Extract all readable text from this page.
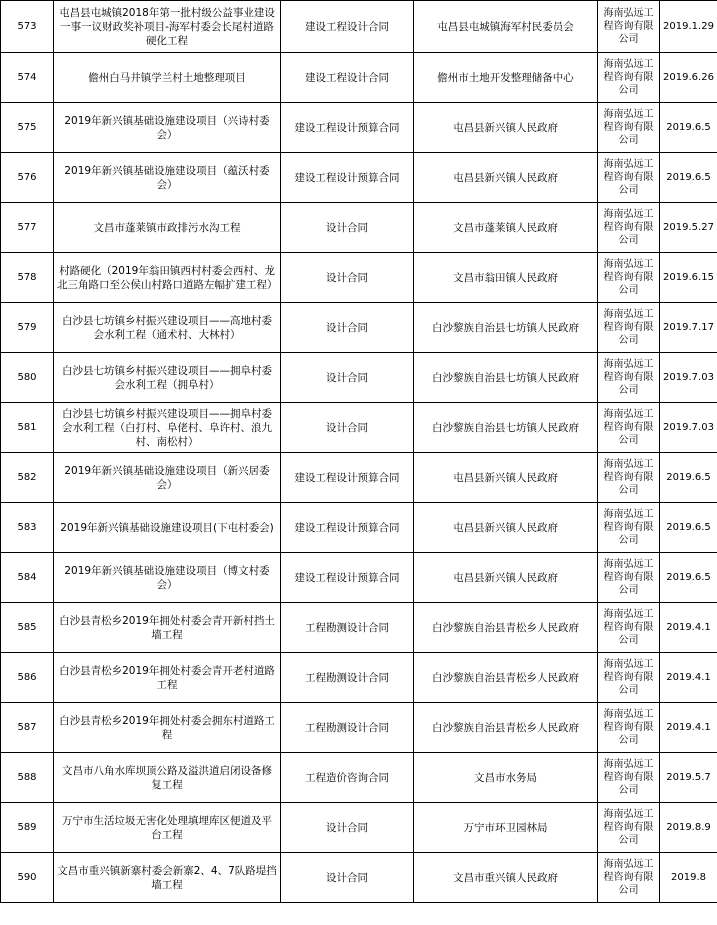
573	屯昌县屯城镇2018年第一批村级公益事业建设一事一议财政奖补项目-海军村委会长尾村道路硬化工程	建设工程设计合同	屯昌县屯城镇海军村民委员会	海南弘远工程咨询有限公司	2019.1.29
574	儋州白马井镇学兰村土地整理项目	建设工程设计合同	儋州市土地开发整理储备中心	海南弘远工程咨询有限公司	2019.6.26
575	2019年新兴镇基础设施建设项目（兴诗村委会）	建设工程设计预算合同	屯昌县新兴镇人民政府	海南弘远工程咨询有限公司	2019.6.5
576	2019年新兴镇基础设施建设项目（蕴沃村委会）	建设工程设计预算合同	屯昌县新兴镇人民政府	海南弘远工程咨询有限公司	2019.6.5
577	文昌市蓬莱镇市政排污水沟工程	设计合同	文昌市蓬莱镇人民政府	海南弘远工程咨询有限公司	2019.5.27
578	村路硬化（2019年翁田镇西村村委会西村、龙北三角路口至公侯山村路口道路左幅扩建工程）	设计合同	文昌市翁田镇人民政府	海南弘远工程咨询有限公司	2019.6.15
579	白沙县七坊镇乡村振兴建设项目——高地村委会水利工程（通术村、大林村）	设计合同	白沙黎族自治县七坊镇人民政府	海南弘远工程咨询有限公司	2019.7.17
580	白沙县七坊镇乡村振兴建设项目——拥阜村委会水利工程（拥阜村）	设计合同	白沙黎族自治县七坊镇人民政府	海南弘远工程咨询有限公司	2019.7.03
581	白沙县七坊镇乡村振兴建设项目——拥阜村委会水利工程（白打村、阜佬村、阜许村、浪九村、南松村）	设计合同	白沙黎族自治县七坊镇人民政府	海南弘远工程咨询有限公司	2019.7.03
582	2019年新兴镇基础设施建设项目（新兴居委会）	建设工程设计预算合同	屯昌县新兴镇人民政府	海南弘远工程咨询有限公司	2019.6.5
583	2019年新兴镇基础设施建设项目(下屯村委会)	建设工程设计预算合同	屯昌县新兴镇人民政府	海南弘远工程咨询有限公司	2019.6.5
584	2019年新兴镇基础设施建设项目（博文村委会）	建设工程设计预算合同	屯昌县新兴镇人民政府	海南弘远工程咨询有限公司	2019.6.5
585	白沙县青松乡2019年拥处村委会青开新村挡土墙工程	工程勘测设计合同	白沙黎族自治县青松乡人民政府	海南弘远工程咨询有限公司	2019.4.1
586	白沙县青松乡2019年拥处村委会青开老村道路工程	工程勘测设计合同	白沙黎族自治县青松乡人民政府	海南弘远工程咨询有限公司	2019.4.1
587	白沙县青松乡2019年拥处村委会拥东村道路工程	工程勘测设计合同	白沙黎族自治县青松乡人民政府	海南弘远工程咨询有限公司	2019.4.1
588	文昌市八角水库坝顶公路及溢洪道启闭设备修复工程	工程造价咨询合同	文昌市水务局	海南弘远工程咨询有限公司	2019.5.7
589	万宁市生活垃圾无害化处理填埋库区便道及平台工程	设计合同	万宁市环卫园林局	海南弘远工程咨询有限公司	2019.8.9
590	文昌市重兴镇新寨村委会新寨2、4、7队路堤挡墙工程	设计合同	文昌市重兴镇人民政府	海南弘远工程咨询有限公司	2019.8
